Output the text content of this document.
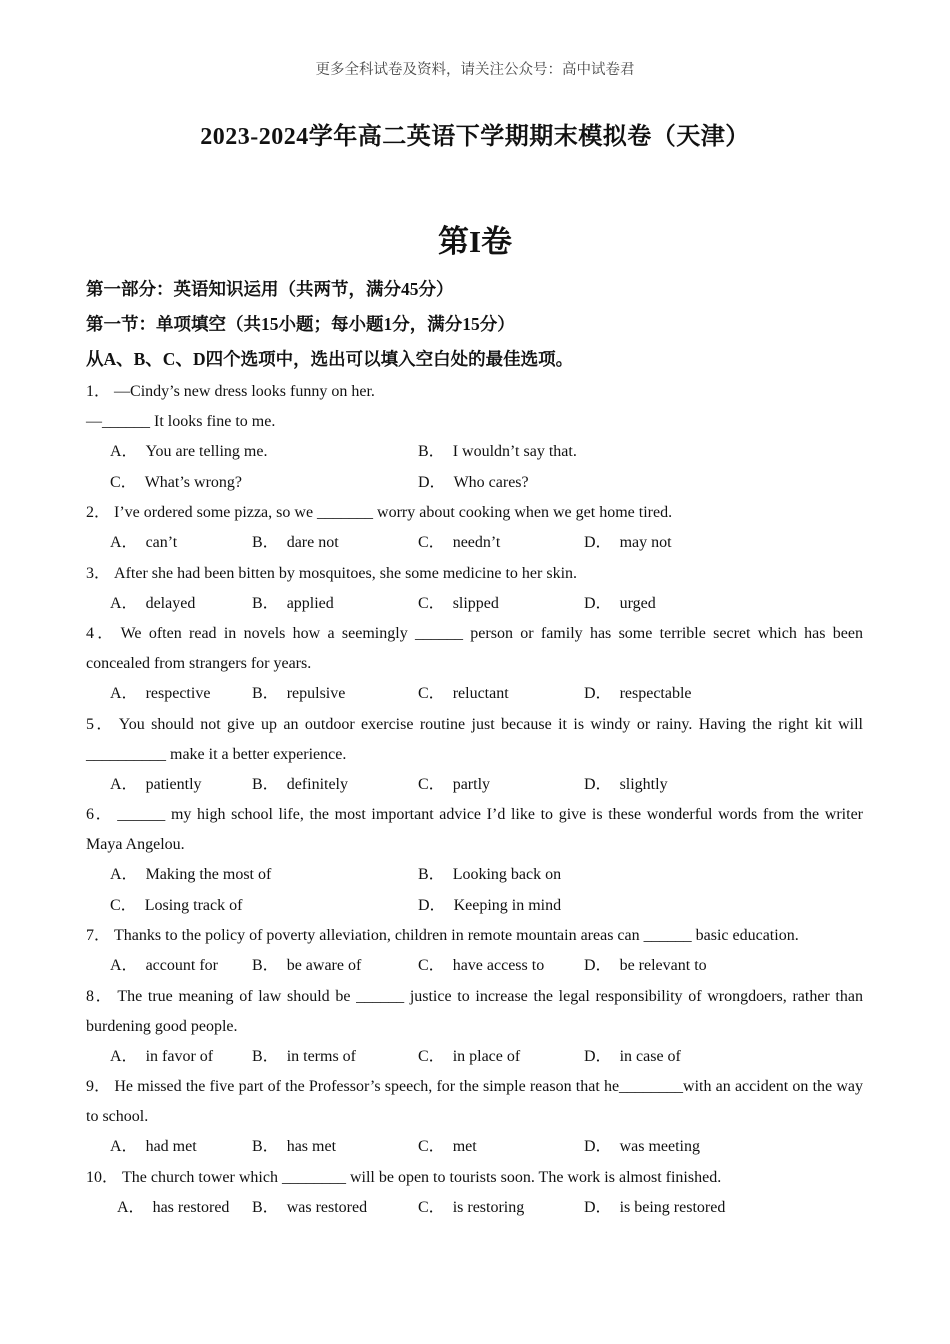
更多全科试卷及资料，请关注公众号：高中试卷君
2023-2024学年高二英语下学期期末模拟卷（天津）
第I卷
第一部分：英语知识运用（共两节，满分45分）
第一节：单项填空（共15小题；每小题1分，满分15分）
从A、B、C、D四个选项中，选出可以填入空白处的最佳选项。
1． —Cindy’s new dress looks funny on her.
—______ It looks fine to me.
A． You are telling me.	B． I wouldn’t say that.
C． What’s wrong?	D． Who cares?
2． I’ve ordered some pizza, so we _______ worry about cooking when we get home tired.
A． can’t	B． dare not	C． needn’t	D． may not
3． After she had been bitten by mosquitoes, she some medicine to her skin.
A． delayed	B． applied	C． slipped	D． urged
4． We often read in novels how a seemingly ______ person or family has some terrible secret which has been concealed from strangers for years.
A． respective	B． repulsive	C． reluctant	D． respectable
5． You should not give up an outdoor exercise routine just because it is windy or rainy. Having the right kit will __________ make it a better experience.
A． patiently	B． definitely	C． partly	D． slightly
6． ______ my high school life, the most important advice I’d like to give is these wonderful words from the writer Maya Angelou.
A． Making the most of	B． Looking back on
C． Losing track of	D． Keeping in mind
7． Thanks to the policy of poverty alleviation, children in remote mountain areas can ______ basic education.
A． account for B． be aware of	C． have access to D． be relevant to
8． The true meaning of law should be ______ justice to increase the legal responsibility of wrongdoers, rather than burdening good people.
A． in favor of B． in terms of	C． in place of	D． in case of
9． He missed the five part of the Professor’s speech, for the simple reason that he________with an accident on the way to school.
A． had met	B． has met	C． met	D． was meeting
10． The church tower which ________ will be open to tourists soon. The work is almost finished.
A． has restored B． was restored	C． is restoring	D． is being restored
